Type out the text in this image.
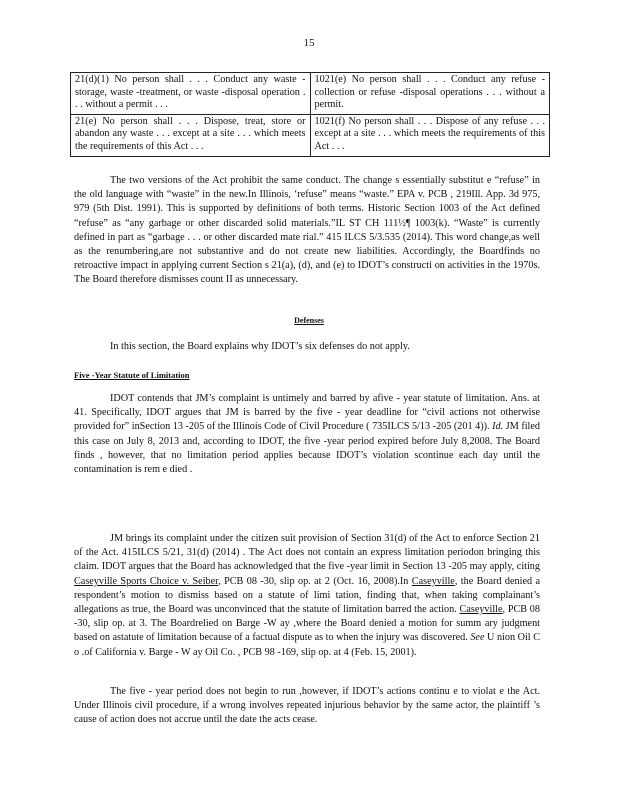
15
21(d)(1) No person shall . . . Conduct any waste -storage, waste -treatment, or waste -disposal operation . . . without a permit . . .	1021(e) No person shall . . . Conduct any refuse -collection or refuse -disposal operations . . . without a permit.
21(e) No person shall . . . Dispose, treat, store or abandon any waste . . . except at a site . . . which meets the requirements of this Act . . .	1021(f) No person shall . . . Dispose of any refuse . . . except at a site . . . which meets the requirements of this Act . . .
The two versions of the Act prohibit the same conduct. The change s essentially substitut e “refuse” in the old language with “waste” in the new.In Illinois, ‘refuse” means “waste.” EPA v. PCB , 219Ill. App. 3d 975, 979 (5th Dist. 1991). This is supported by definitions of both terms. Historic Section 1003 of the Act defined “refuse” as “any garbage or other discarded solid materials.”IL ST CH 111½¶ 1003(k). “Waste” is currently defined in part as “garbage . . . or other discarded mate rial.” 415 ILCS 5/3.535 (2014). This word change,as well as the renumbering,are not substantive and do not create new liabilities. Accordingly, the Boardfinds no retroactive impact in applying current Section s 21(a), (d), and (e) to IDOT’s constructi on activities in the 1970s. The Board therefore dismisses count II as unnecessary.
Defenses
In this section, the Board explains why IDOT’s six defenses do not apply.
Five -Year Statute of Limitation
IDOT contends that JM’s complaint is untimely and barred by afive - year statute of limitation. Ans. at 41. Specifically, IDOT argues that JM is barred by the five - year deadline for “civil actions not otherwise provided for” inSection 13 -205 of the Illinois Code of Civil Procedure ( 735ILCS 5/13 -205 (201 4)). Id. JM filed this case on July 8, 2013 and, according to IDOT, the five -year period expired before July 8,2008. The Board finds , however, that no limitation period applies because IDOT’s violation scontinue each day until the contamination is rem e died .
JM brings its complaint under the citizen suit provision of Section 31(d) of the Act to enforce Section 21 of the Act. 415ILCS 5/21, 31(d) (2014) . The Act does not contain an express limitation periodon bringing this claim. IDOT argues that the Board has acknowledged that the five -year limit in Section 13 -205 may apply, citing Caseyville Sports Choice v. Seiber, PCB 08 -30, slip op. at 2 (Oct. 16, 2008).In Caseyville, the Board denied a respondent’s motion to dismiss based on a statute of limi tation, finding that, when taking complainant’s allegations as true, the Board was unconvinced that the statute of limitation barred the action. Caseyville, PCB 08 -30, slip op. at 3. The Boardrelied on Barge -W ay ,where the Board denied a motion for summ ary judgment based on astatute of limitation because of a factual dispute as to when the injury was discovered. See U nion Oil C o .of California v. Barge - W ay Oil Co. , PCB 98 -169, slip op. at 4 (Feb. 15, 2001).
The five - year period does not begin to run ,however, if IDOT’s actions continu e to violat e the Act. Under Illinois civil procedure, if a wrong involves repeated injurious behavior by the same actor, the plaintiff ’s cause of action does not accrue until the date the acts cease.
